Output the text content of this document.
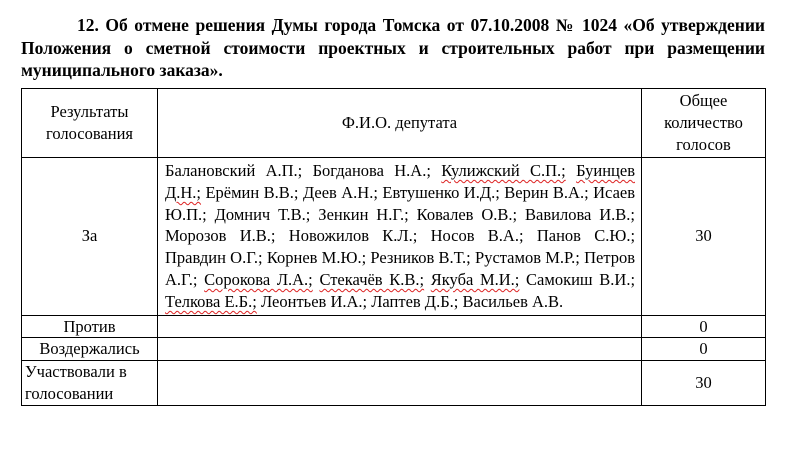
12. Об отмене решения Думы города Томска от 07.10.2008 № 1024 «Об утверждении Положения о сметной стоимости проектных и строительных работ при размещении муниципального заказа».
Результаты голосования	Ф.И.О. депутата	Общее количество голосов
За	Балановский А.П.; Богданова Н.А.; Кулижский С.П.; Буинцев Д.Н.; Ерёмин В.В.; Деев А.Н.; Евтушенко И.Д.; Верин В.А.; Исаев Ю.П.; Домнич Т.В.; Зенкин Н.Г.; Ковалев О.В.; Вавилова И.В.; Морозов И.В.; Новожилов К.Л.; Носов В.А.; Панов С.Ю.; Правдин О.Г.; Корнев М.Ю.; Резников В.Т.; Рустамов М.Р.; Петров А.Г.; Сорокова Л.А.; Стекачёв К.В.; Якуба М.И.; Самокиш В.И.; Телкова Е.Б.; Леонтьев И.А.; Лаптев Д.Б.; Васильев А.В.	30
Против		0
Воздержались		0
Участвовали в голосовании		30
